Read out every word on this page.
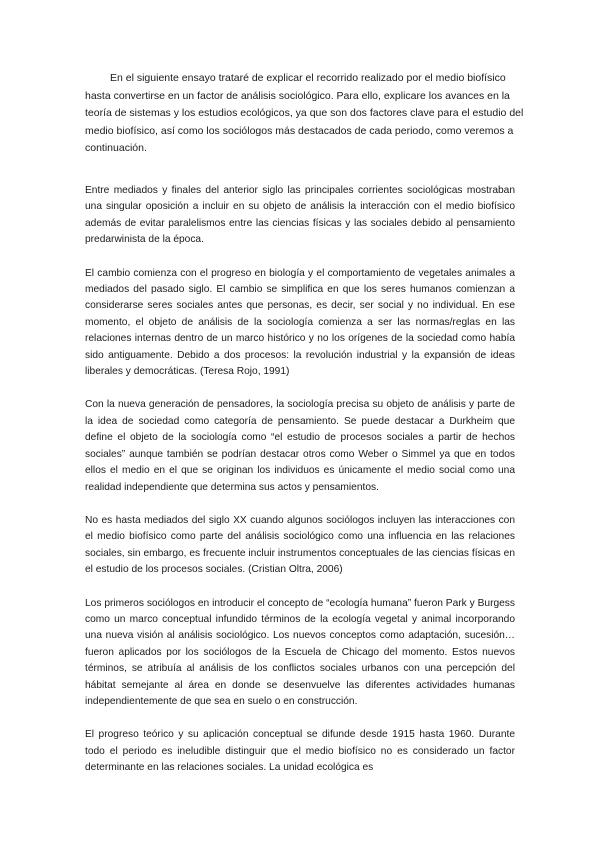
En el siguiente ensayo trataré de explicar el recorrido realizado por el medio biofísico hasta convertirse en un factor de análisis sociológico. Para ello, explicare los avances en la teoría de sistemas y los estudios ecológicos, ya que son dos factores clave para el estudio del medio biofísico, así como los sociólogos más destacados de cada periodo, como veremos a continuación.

Entre mediados y finales del anterior siglo las principales corrientes sociológicas mostraban una singular oposición a incluir en su objeto de análisis la interacción con el medio biofísico además de evitar paralelismos entre las ciencias físicas y las sociales debido al pensamiento predarwinista de la época.

El cambio comienza con el progreso en biología y el comportamiento de vegetales animales a mediados del pasado siglo. El cambio se simplifica en que los seres humanos comienzan a considerarse seres sociales antes que personas, es decir, ser social y no individual. En ese momento, el objeto de análisis de la sociología comienza a ser las normas/reglas en las relaciones internas dentro de un marco histórico y no los orígenes de la sociedad como había sido antiguamente. Debido a dos procesos: la revolución industrial y la expansión de ideas liberales y democráticas. (Teresa Rojo, 1991)

Con la nueva generación de pensadores, la sociología precisa su objeto de análisis y parte de la idea de sociedad como categoría de pensamiento. Se puede destacar a Durkheim que define el objeto de la sociología como “el estudio de procesos sociales a partir de hechos sociales” aunque también se podrían destacar otros como Weber o Simmel ya que en todos ellos el medio en el que se originan los individuos es únicamente el medio social como una realidad independiente que determina sus actos y pensamientos.

No es hasta mediados del siglo XX cuando algunos sociólogos incluyen las interacciones con el medio biofísico como parte del análisis sociológico como una influencia en las relaciones sociales, sin embargo, es frecuente incluir instrumentos conceptuales de las ciencias físicas en el estudio de los procesos sociales. (Cristian Oltra, 2006)

Los primeros sociólogos en introducir el concepto de “ecología humana” fueron Park y Burgess como un marco conceptual infundido términos de la ecología vegetal y animal incorporando una nueva visión al análisis sociológico. Los nuevos conceptos como adaptación, sucesión… fueron aplicados por los sociólogos de la Escuela de Chicago del momento. Estos nuevos términos, se atribuía al análisis de los conflictos sociales urbanos con una percepción del hábitat semejante al área en donde se desenvuelve las diferentes actividades humanas independientemente de que sea en suelo o en construcción.

El progreso teórico y su aplicación conceptual se difunde desde 1915 hasta 1960. Durante todo el periodo es ineludible distinguir que el medio biofísico no es considerado un factor determinante en las relaciones sociales. La unidad ecológica es
